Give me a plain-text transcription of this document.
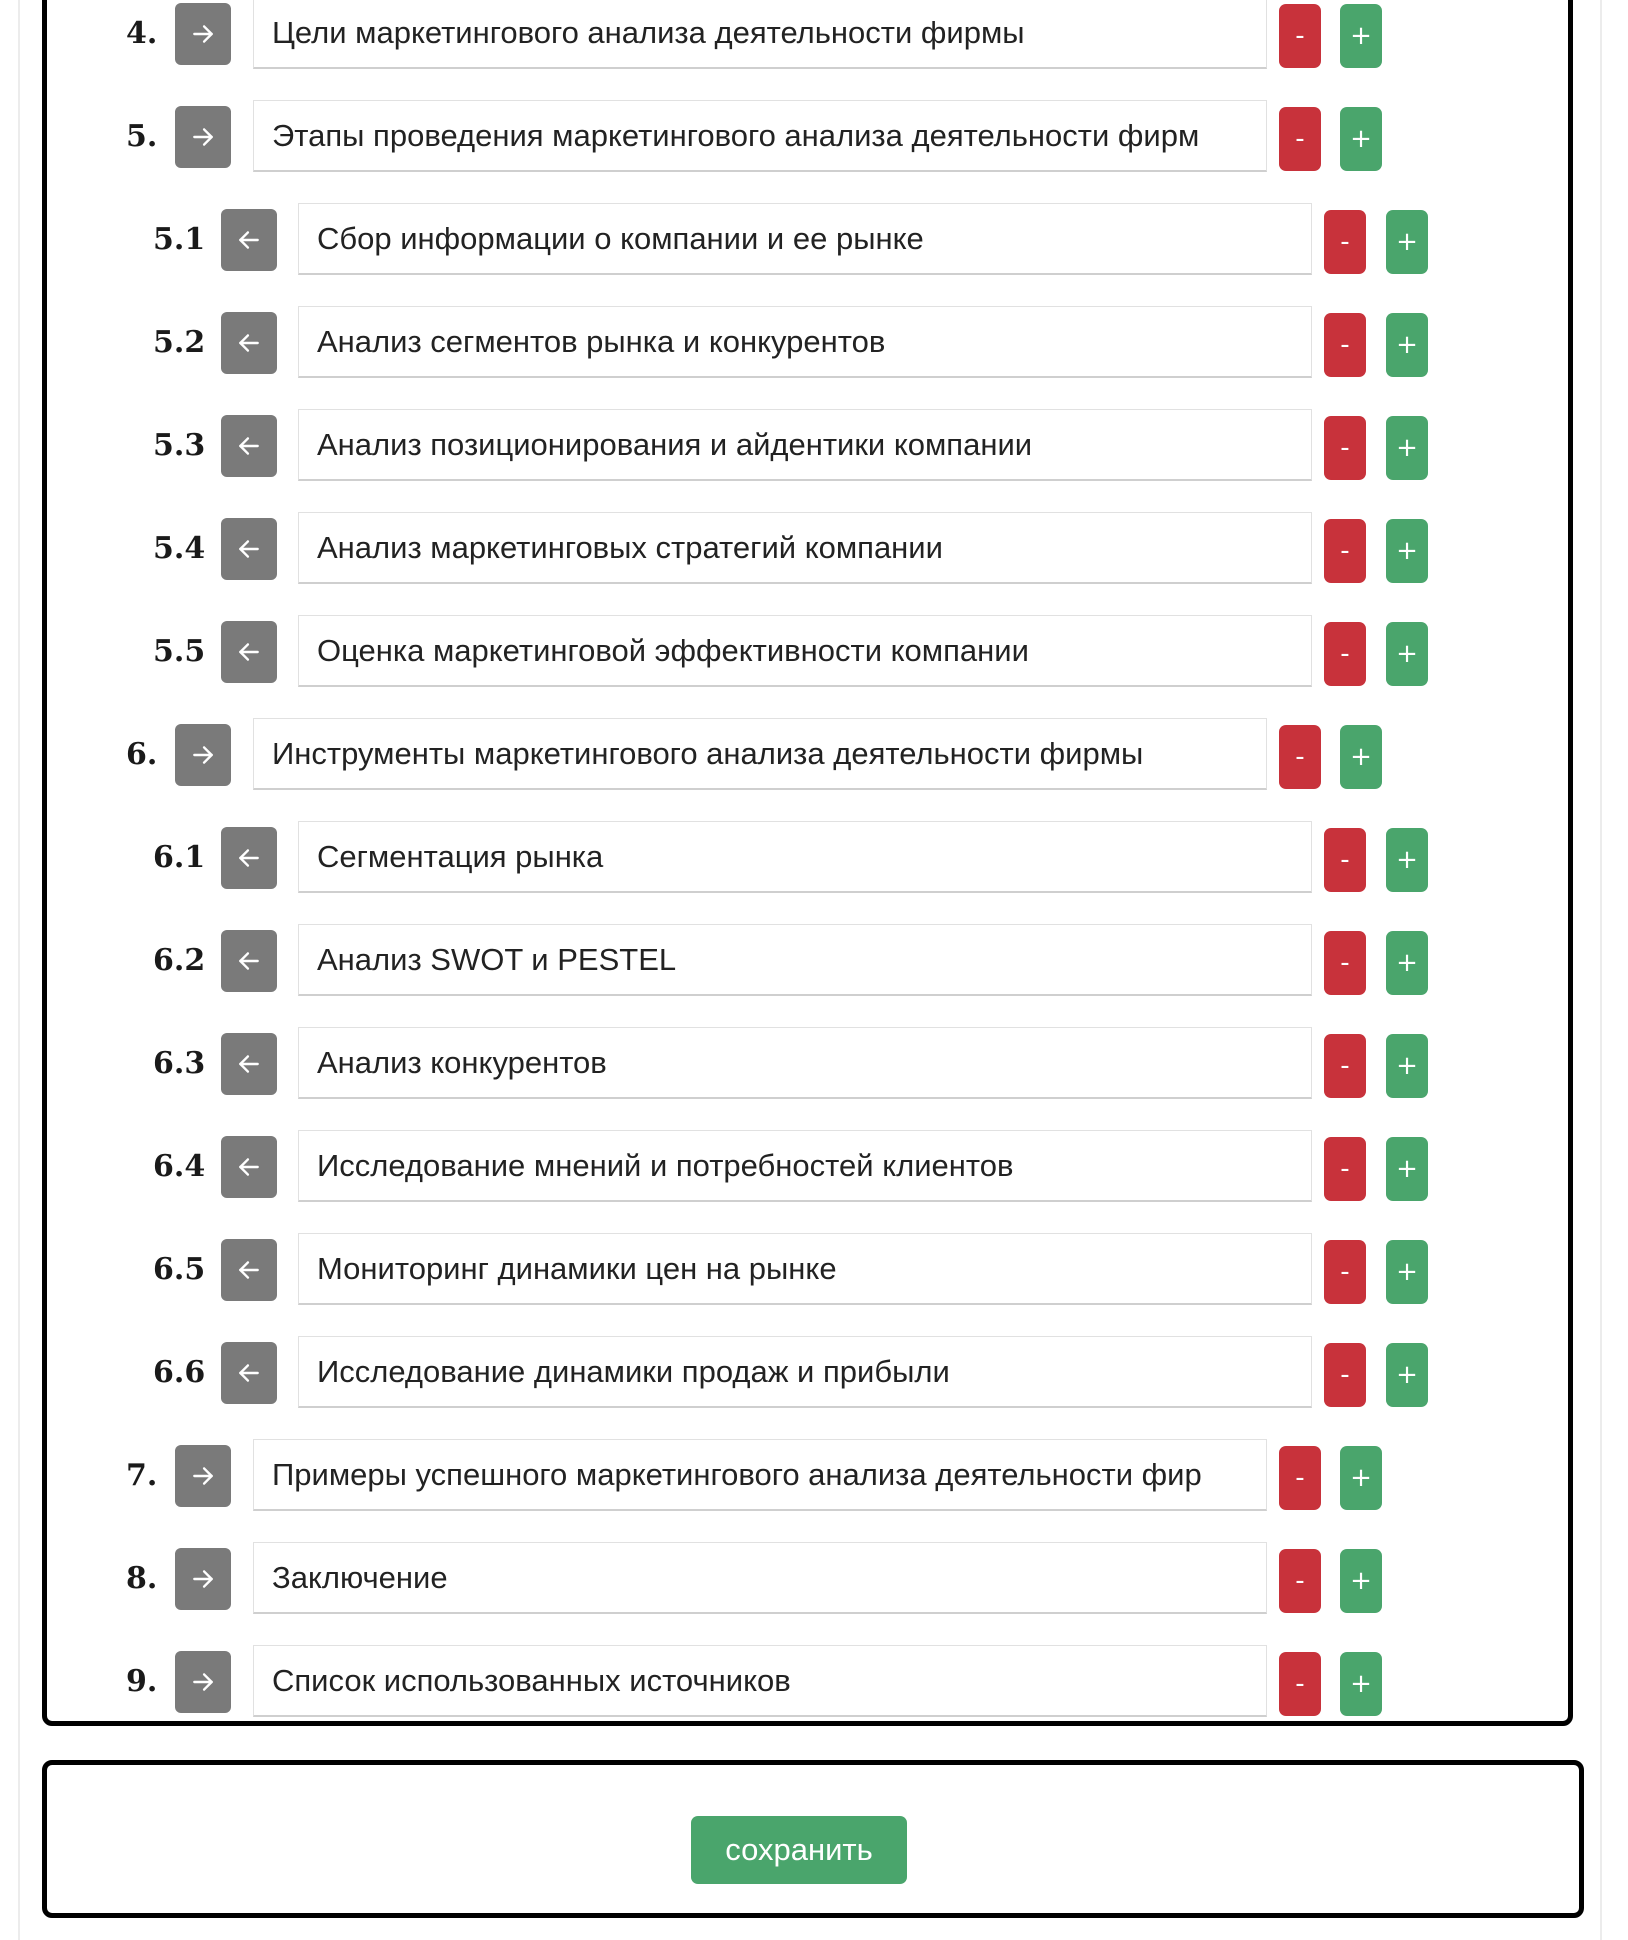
4.	Цели маркетингового анализа деятельности фирмы	-	+
5.	Этапы проведения маркетингового анализа деятельности фирм	-	+
5.1	Сбор информации о компании и ее рынке	-	+
5.2	Анализ сегментов рынка и конкурентов	-	+
5.3	Анализ позиционирования и айдентики компании	-	+
5.4	Анализ маркетинговых стратегий компании	-	+
5.5	Оценка маркетинговой эффективности компании	-	+
6.	Инструменты маркетингового анализа деятельности фирмы	-	+
6.1	Сегментация рынка	-	+
6.2	Анализ SWOT и PESTEL	-	+
6.3	Анализ конкурентов	-	+
6.4	Исследование мнений и потребностей клиентов	-	+
6.5	Мониторинг динамики цен на рынке	-	+
6.6	Исследование динамики продаж и прибыли	-	+
7.	Примеры успешного маркетингового анализа деятельности фир	-	+
8.	Заключение	-	+
9.	Список использованных источников	-	+
сохранить
